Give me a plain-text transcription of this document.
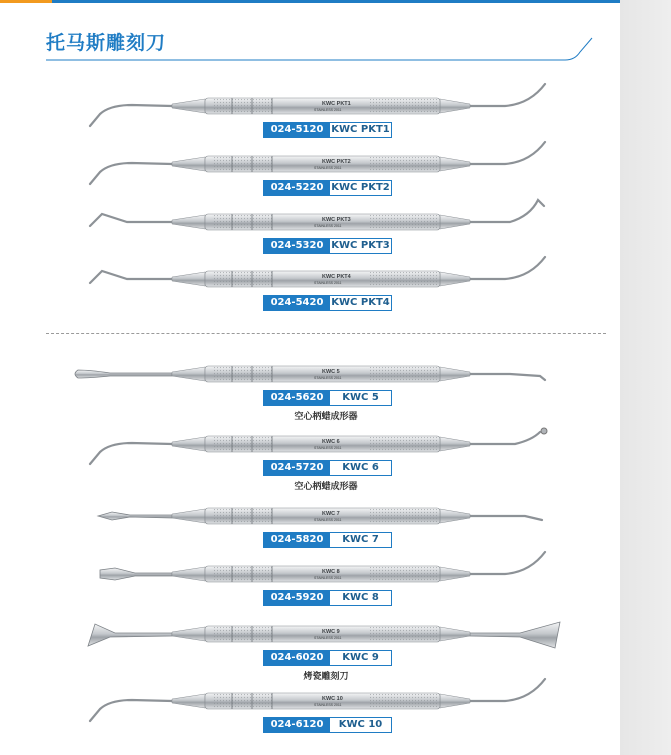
托马斯雕刻刀
KWC PKT1
STAINLESS 2011
024-5120 KWC PKT1
KWC PKT2
STAINLESS 2011
024-5220 KWC PKT2
KWC PKT3
STAINLESS 2011
024-5320 KWC PKT3
KWC PKT4
STAINLESS 2011
024-5420 KWC PKT4
KWC 5
STAINLESS 2011
024-5620	KWC 5
空心柄蜡成形器
KWC 6
STAINLESS 2011
024-5720	KWC 6
空心柄蜡成形器
KWC 7
STAINLESS 2011
024-5820	KWC 7
KWC 8
STAINLESS 2011
024-5920	KWC 8
KWC 9
STAINLESS 2011
024-6020	KWC 9
烤瓷雕刻刀
KWC 10
STAINLESS 2011
024-6120	KWC 10
